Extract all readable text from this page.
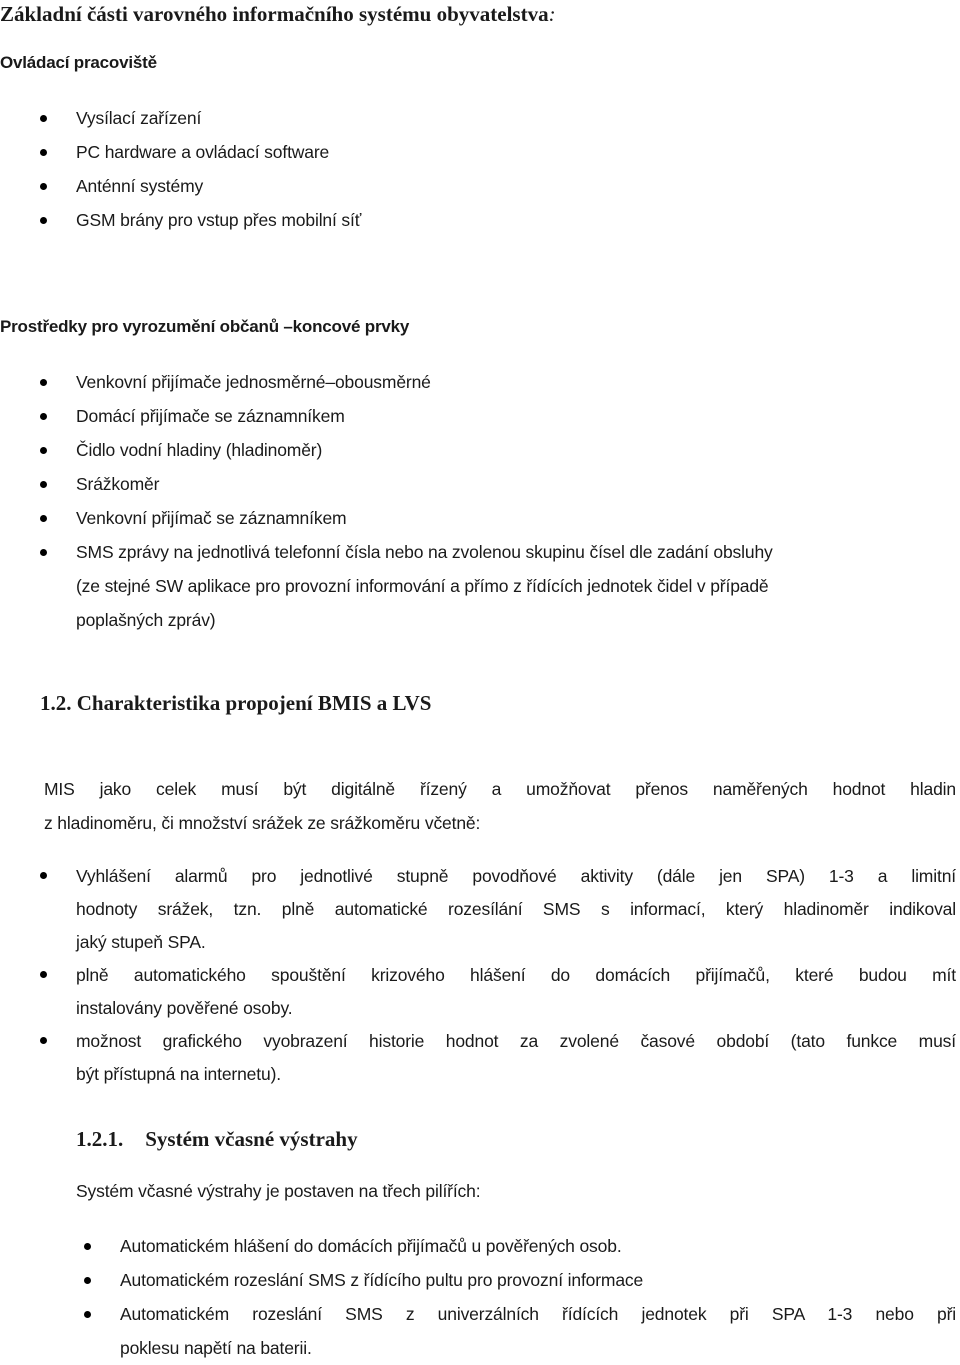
Základní části varovného informačního systému obyvatelstva:
Ovládací pracoviště
Vysílací zařízení
PC hardware a ovládací software
Anténní systémy
GSM brány pro vstup přes mobilní síť
Prostředky pro vyrozumění občanů –koncové prvky
Venkovní přijímače jednosměrné–obousměrné
Domácí přijímače se záznamníkem
Čidlo vodní hladiny (hladinoměr)
Srážkoměr
Venkovní přijímač se záznamníkem
SMS zprávy na jednotlivá telefonní čísla nebo na zvolenou skupinu čísel dle zadání obsluhy
(ze stejné SW aplikace pro provozní informování a přímo z řídících jednotek čidel v případě
poplašných zpráv)
1.2. Charakteristika propojení BMIS a LVS
MIS jako celek musí být digitálně řízený a umožňovat přenos naměřených hodnot hladin
z hladinoměru, či množství srážek ze srážkoměru včetně:
Vyhlášení alarmů pro jednotlivé stupně povodňové aktivity (dále jen SPA) 1-3 a limitní
hodnoty srážek, tzn. plně automatické rozesílání SMS s informací, který hladinoměr indikoval
jaký stupeň SPA.
plně automatického spouštění krizového hlášení do domácích přijímačů, které budou mít
instalovány pověřené osoby.
možnost grafického vyobrazení historie hodnot za zvolené časové období (tato funkce musí
být přístupná na internetu).
1.2.1. Systém včasné výstrahy
Systém včasné výstrahy je postaven na třech pilířích:
Automatickém hlášení do domácích přijímačů u pověřených osob.
Automatickém rozeslání SMS z řídícího pultu pro provozní informace
Automatickém rozeslání SMS z univerzálních řídících jednotek při SPA 1-3 nebo při
poklesu napětí na baterii.
